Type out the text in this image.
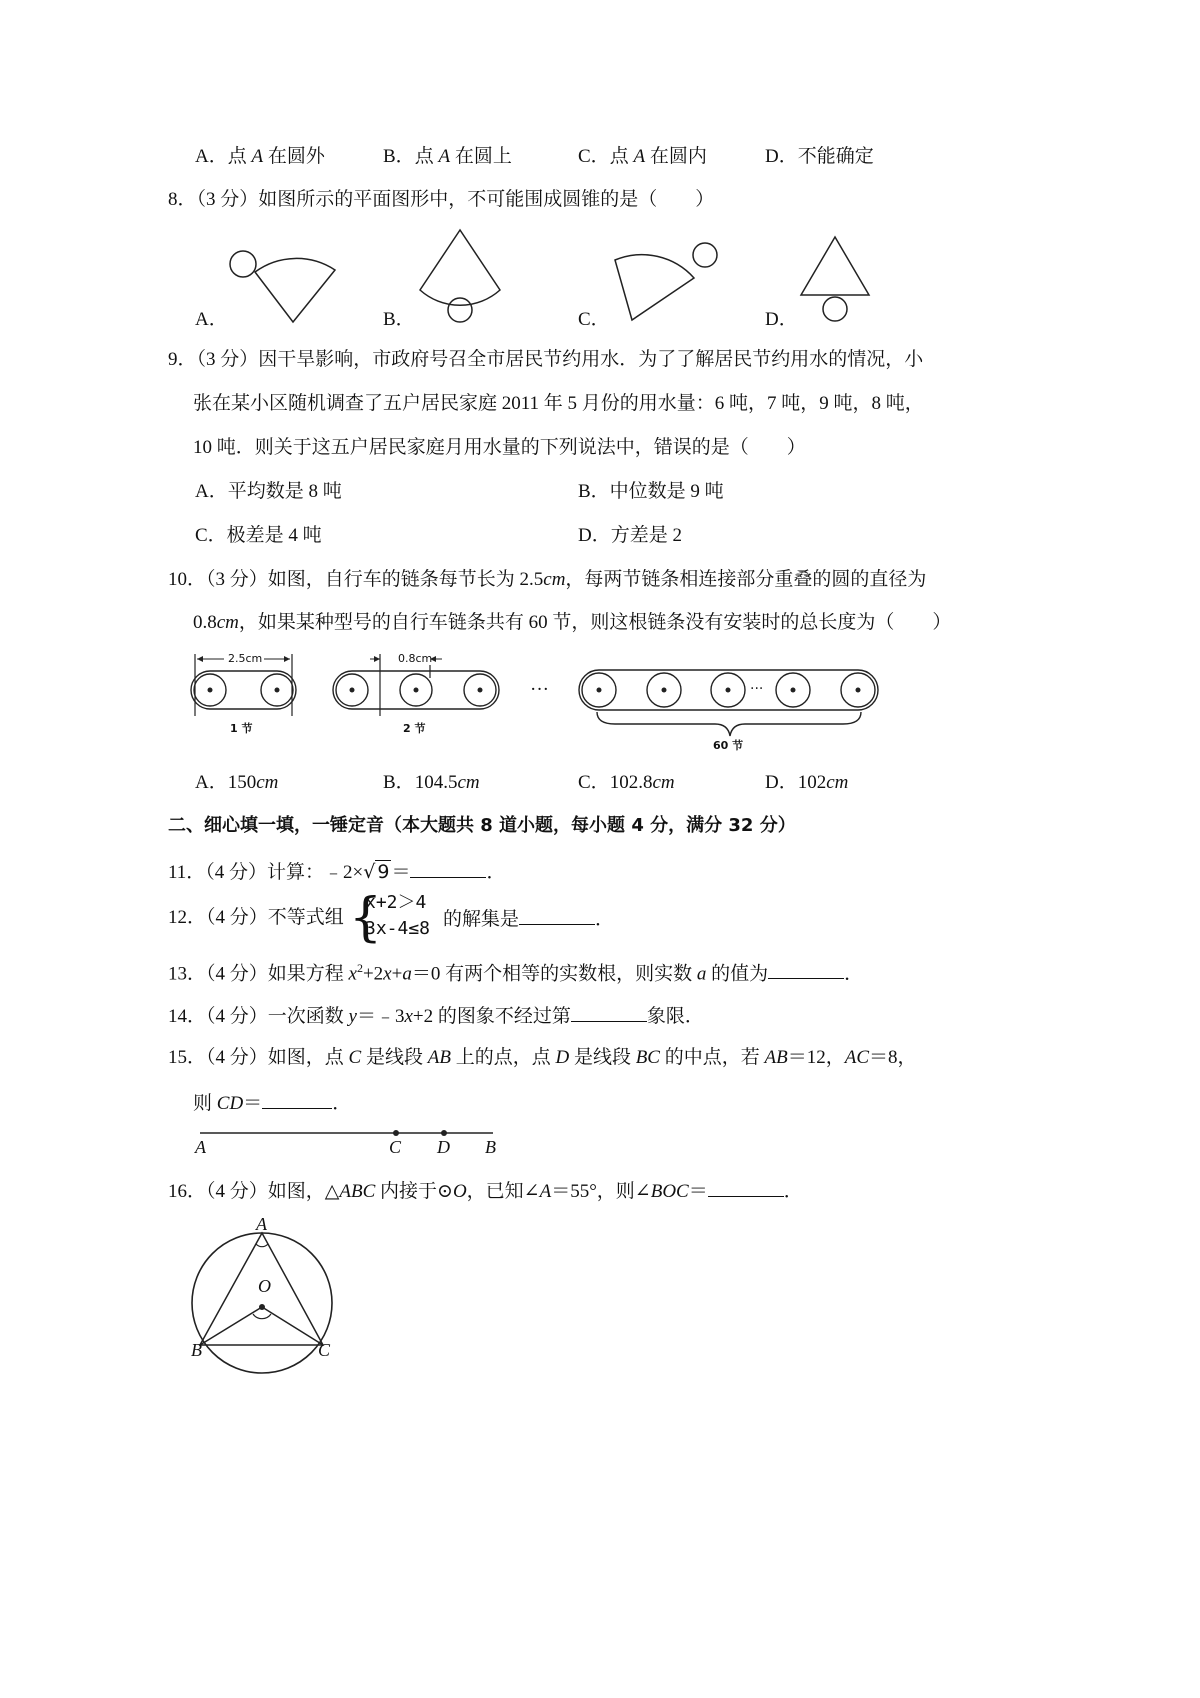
A．点 A 在圆外	B．点 A 在圆上	C．点 A 在圆内	D．不能确定
8．（3 分）如图所示的平面图形中，不可能围成圆锥的是（　　）
A．	B．	C．	D．
9．（3 分）因干旱影响，市政府号召全市居民节约用水．为了了解居民节约用水的情况，小
张在某小区随机调查了五户居民家庭 2011 年 5 月份的用水量：6 吨，7 吨，9 吨，8 吨，
10 吨．则关于这五户居民家庭月用水量的下列说法中，错误的是（　　）
A．平均数是 8 吨	B．中位数是 9 吨
C．极差是 4 吨	D．方差是 2
10．（3 分）如图，自行车的链条每节长为 2.5cm，每两节链条相连接部分重叠的圆的直径为
0.8cm，如果某种型号的自行车链条共有 60 节，则这根链条没有安装时的总长度为（　　）
2.5cm
1 节
0.8cm
2 节
···	···
60 节
A．150cm	B．104.5cm	C．102.8cm	D．102cm
二、细心填一填，一锤定音（本大题共 8 道小题，每小题 4 分，满分 32 分）
11．（4 分）计算：﹣2×√ 9 ＝	．
12．（4 分）不等式组 {
x+2＞4
3x-4≤8 的解集是	．
13．（4 分）如果方程 $x^2+2x+a=0$ 有两个相等的实数根，则实数 a 的值为	．
14．（4 分）一次函数 y＝﹣3x+2 的图象不经过第	象限．
15．（4 分）如图，点 C 是线段 AB 上的点，点 D 是线段 BC 的中点，若 AB＝12，AC＝8，
则 CD＝	．
A	C D B
16．（4 分）如图，△ABC 内接于⊙O，已知∠A＝55°，则∠BOC＝	．
A
O
B	C
